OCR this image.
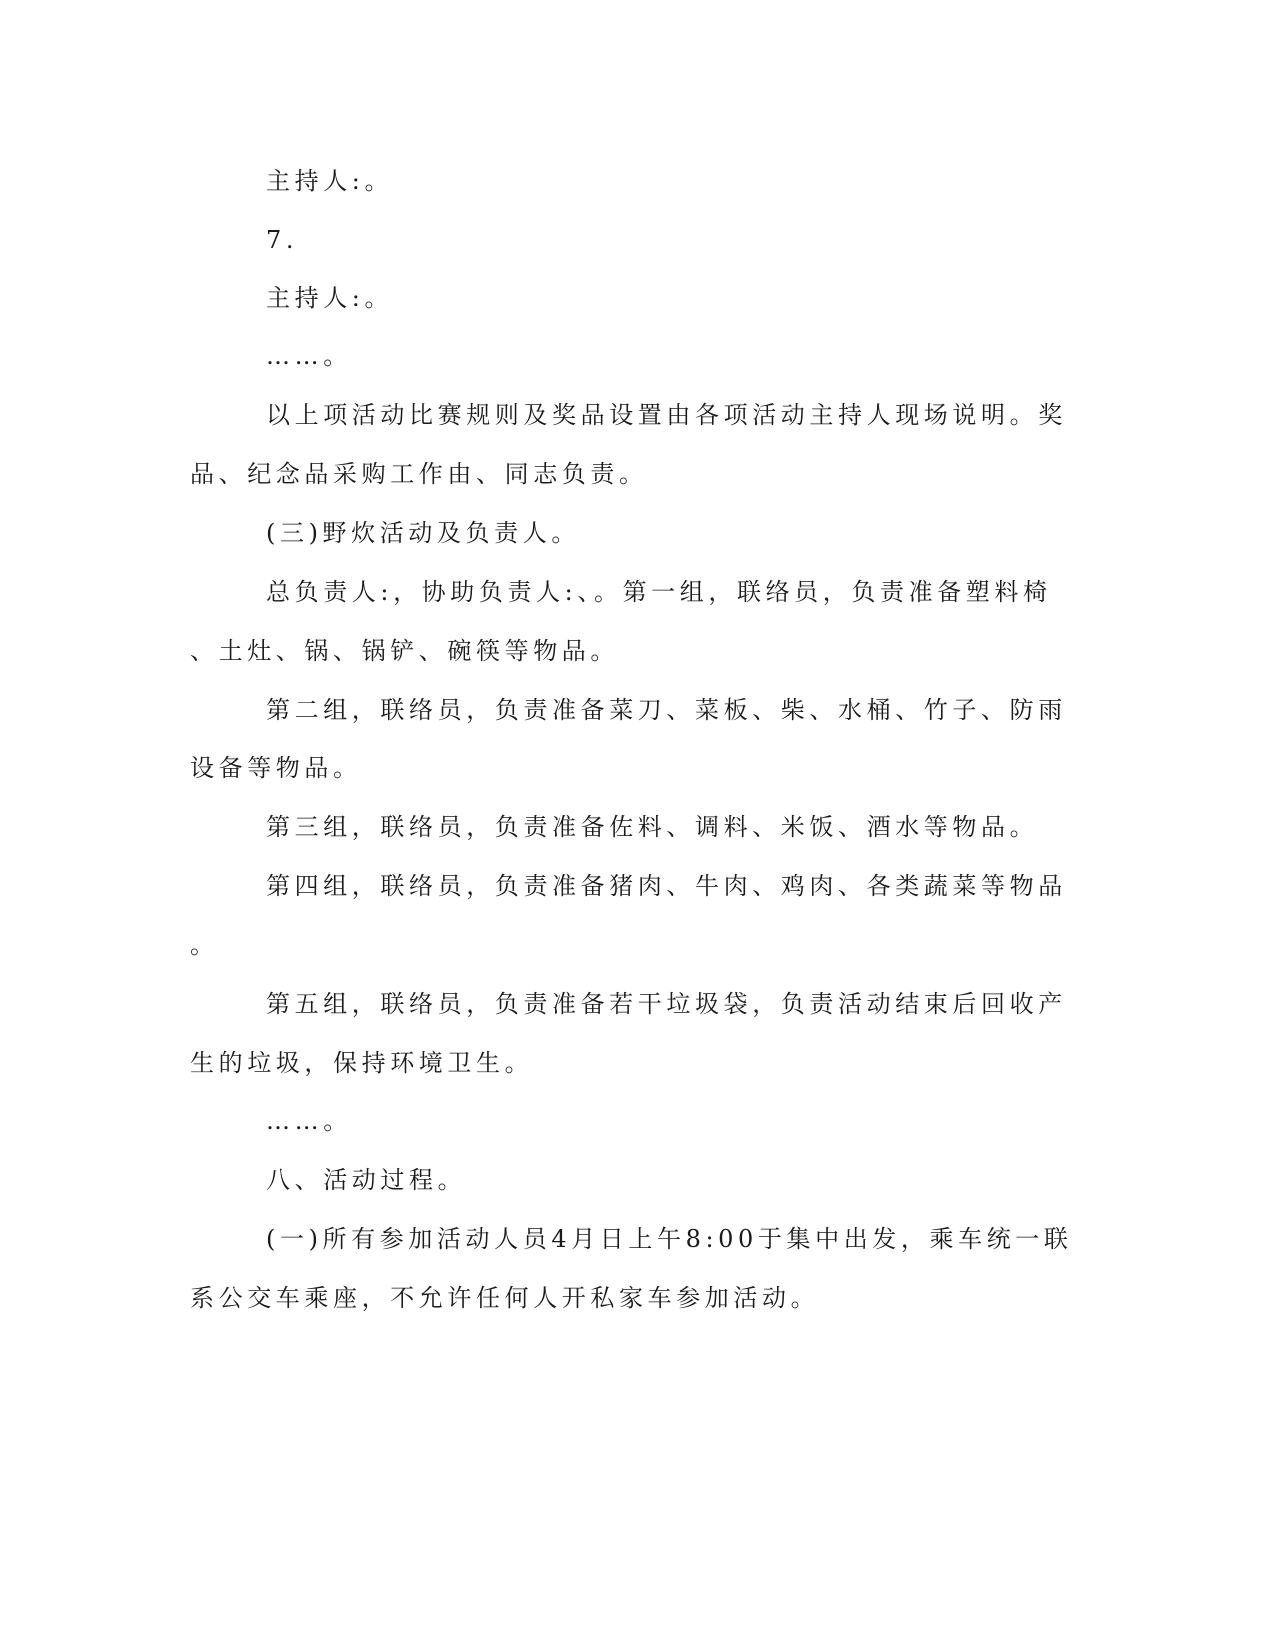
主持人:。
7.
主持人:。
……。
以上项活动比赛规则及奖品设置由各项活动主持人现场说明。奖
品、纪念品采购工作由、同志负责。
(三)野炊活动及负责人。
总负责人:，协助负责人:、。第一组，联络员，负责准备塑料椅
、土灶、锅、锅铲、碗筷等物品。
第二组，联络员，负责准备菜刀、菜板、柴、水桶、竹子、防雨
设备等物品。
第三组，联络员，负责准备佐料、调料、米饭、酒水等物品。
第四组，联络员，负责准备猪肉、牛肉、鸡肉、各类蔬菜等物品
。
第五组，联络员，负责准备若干垃圾袋，负责活动结束后回收产
生的垃圾，保持环境卫生。
……。
八、活动过程。
(一)所有参加活动人员4月日上午8:00于集中出发，乘车统一联
系公交车乘座，不允许任何人开私家车参加活动。
